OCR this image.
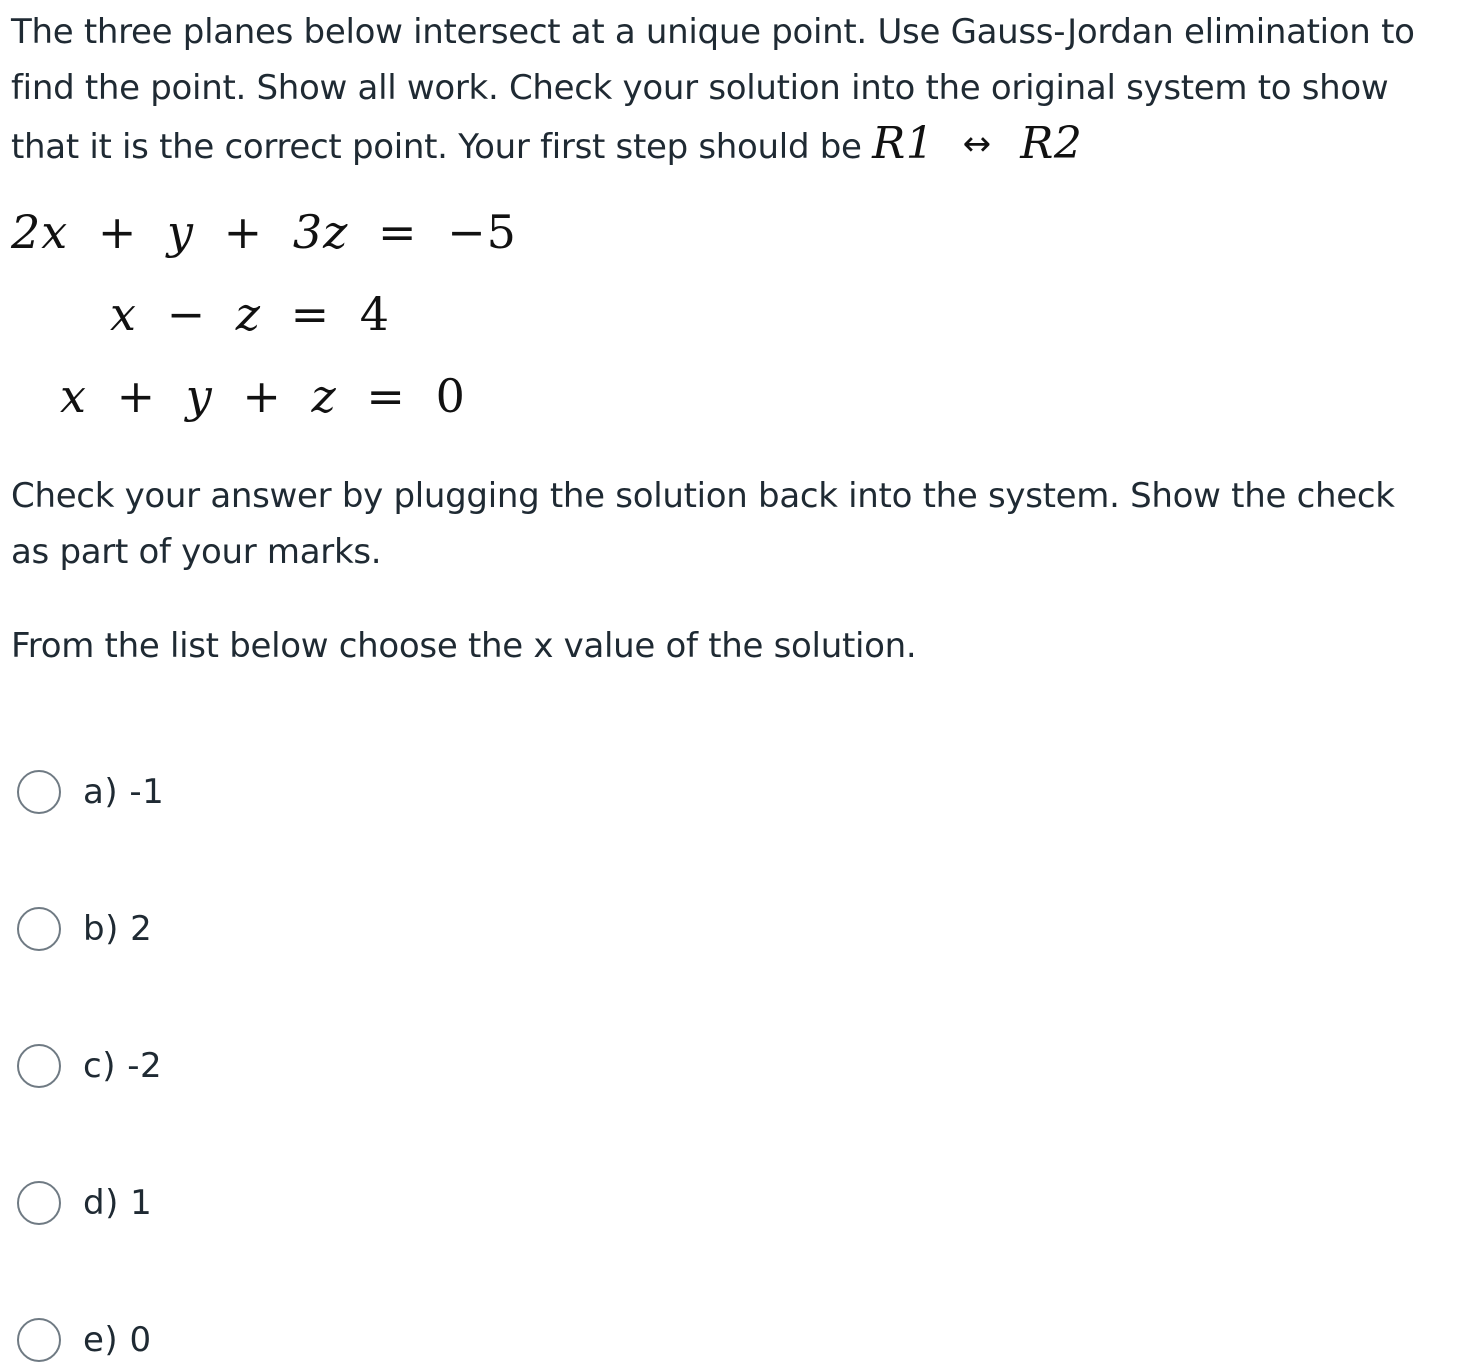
The three planes below intersect at a unique point. Use Gauss-Jordan elimination to
find the point. Show all work. Check your solution into the original system to show
that it is the correct point. Your first step should be R1 ↔ R2
2x + y + 3z = −5
x − z = 4
x + y + z = 0
Check your answer by plugging the solution back into the system. Show the check
as part of your marks.
From the list below choose the x value of the solution.
a) -1
b) 2
c) -2
d) 1
e) 0
